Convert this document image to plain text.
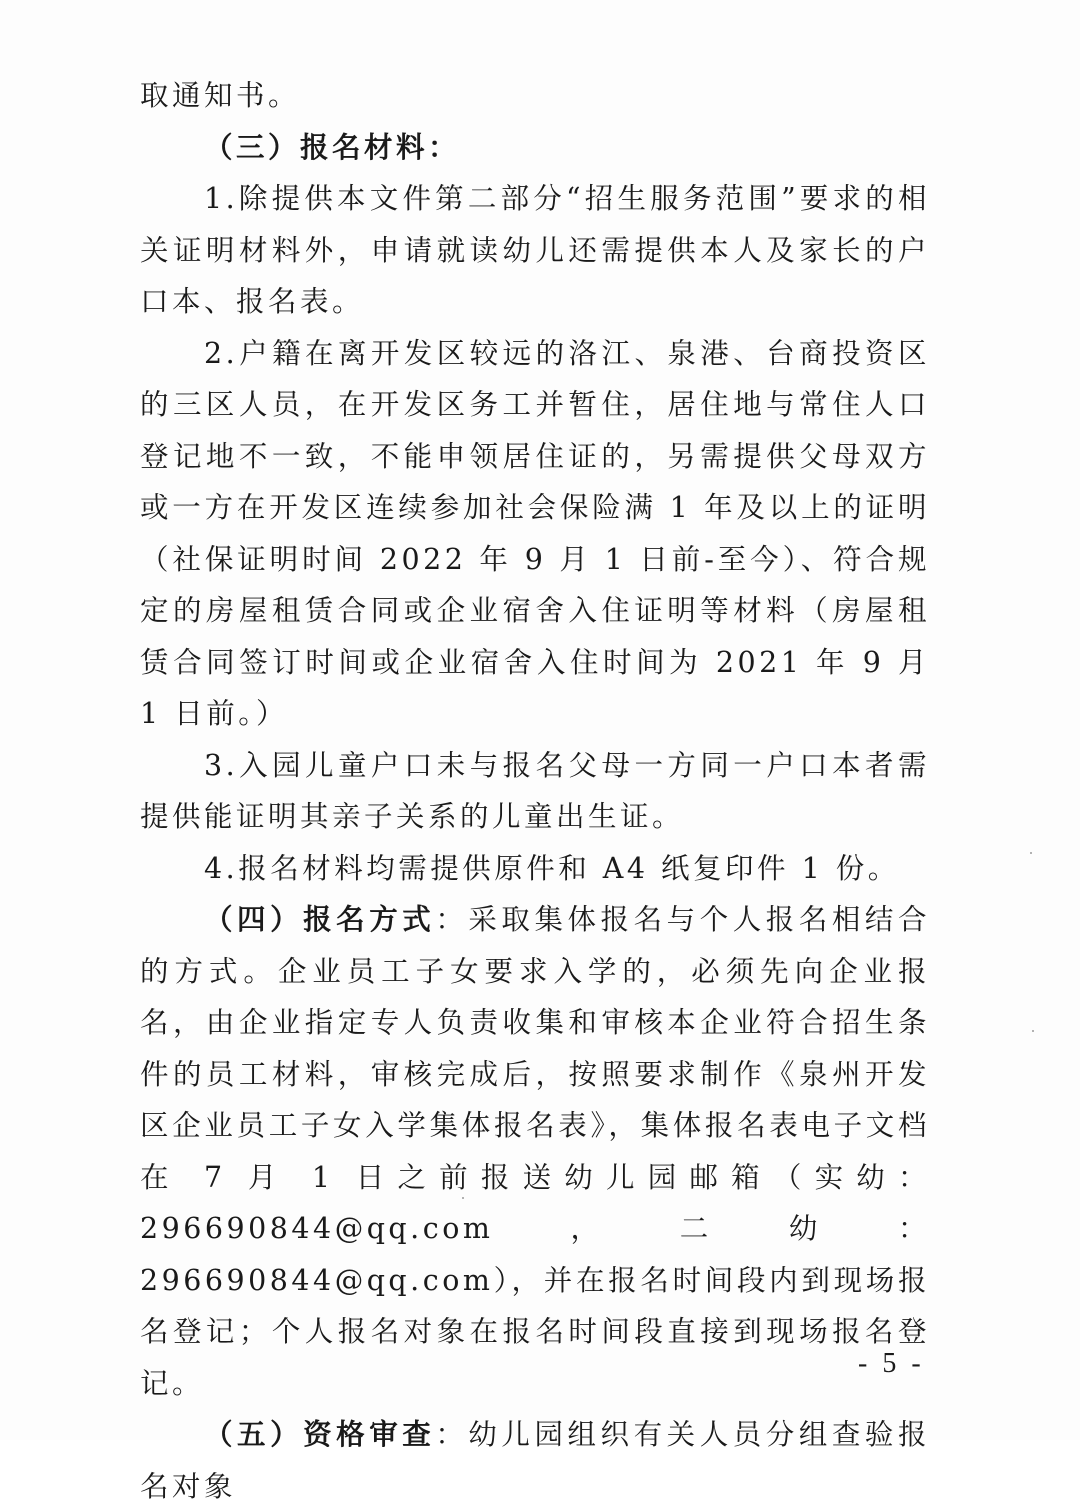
取通知书。

（三）报名材料：

1.除提供本文件第二部分“招生服务范围”要求的相关证明材料外，申请就读幼儿还需提供本人及家长的户口本、报名表。

2.户籍在离开发区较远的洛江、泉港、台商投资区的三区人员，在开发区务工并暂住，居住地与常住人口登记地不一致，不能申领居住证的，另需提供父母双方或一方在开发区连续参加社会保险满 1 年及以上的证明（社保证明时间 2022 年 9 月 1 日前-至今）、符合规定的房屋租赁合同或企业宿舍入住证明等材料（房屋租赁合同签订时间或企业宿舍入住时间为 2021 年 9 月 1 日前。）

3.入园儿童户口未与报名父母一方同一户口本者需提供能证明其亲子关系的儿童出生证。

4.报名材料均需提供原件和 A4 纸复印件 1 份。

（四）报名方式：采取集体报名与个人报名相结合的方式。企业员工子女要求入学的，必须先向企业报名，由企业指定专人负责收集和审核本企业符合招生条件的员工材料，审核完成后，按照要求制作《泉州开发区企业员工子女入学集体报名表》，集体报名表电子文档在 7 月 1 日之前报送幼儿园邮箱（实幼：296690844@qq.com，二幼：296690844@qq.com），并在报名时间段内到现场报名登记；个人报名对象在报名时间段直接到现场报名登记。

（五）资格审查：幼儿园组织有关人员分组查验报名对象

- 5 -
